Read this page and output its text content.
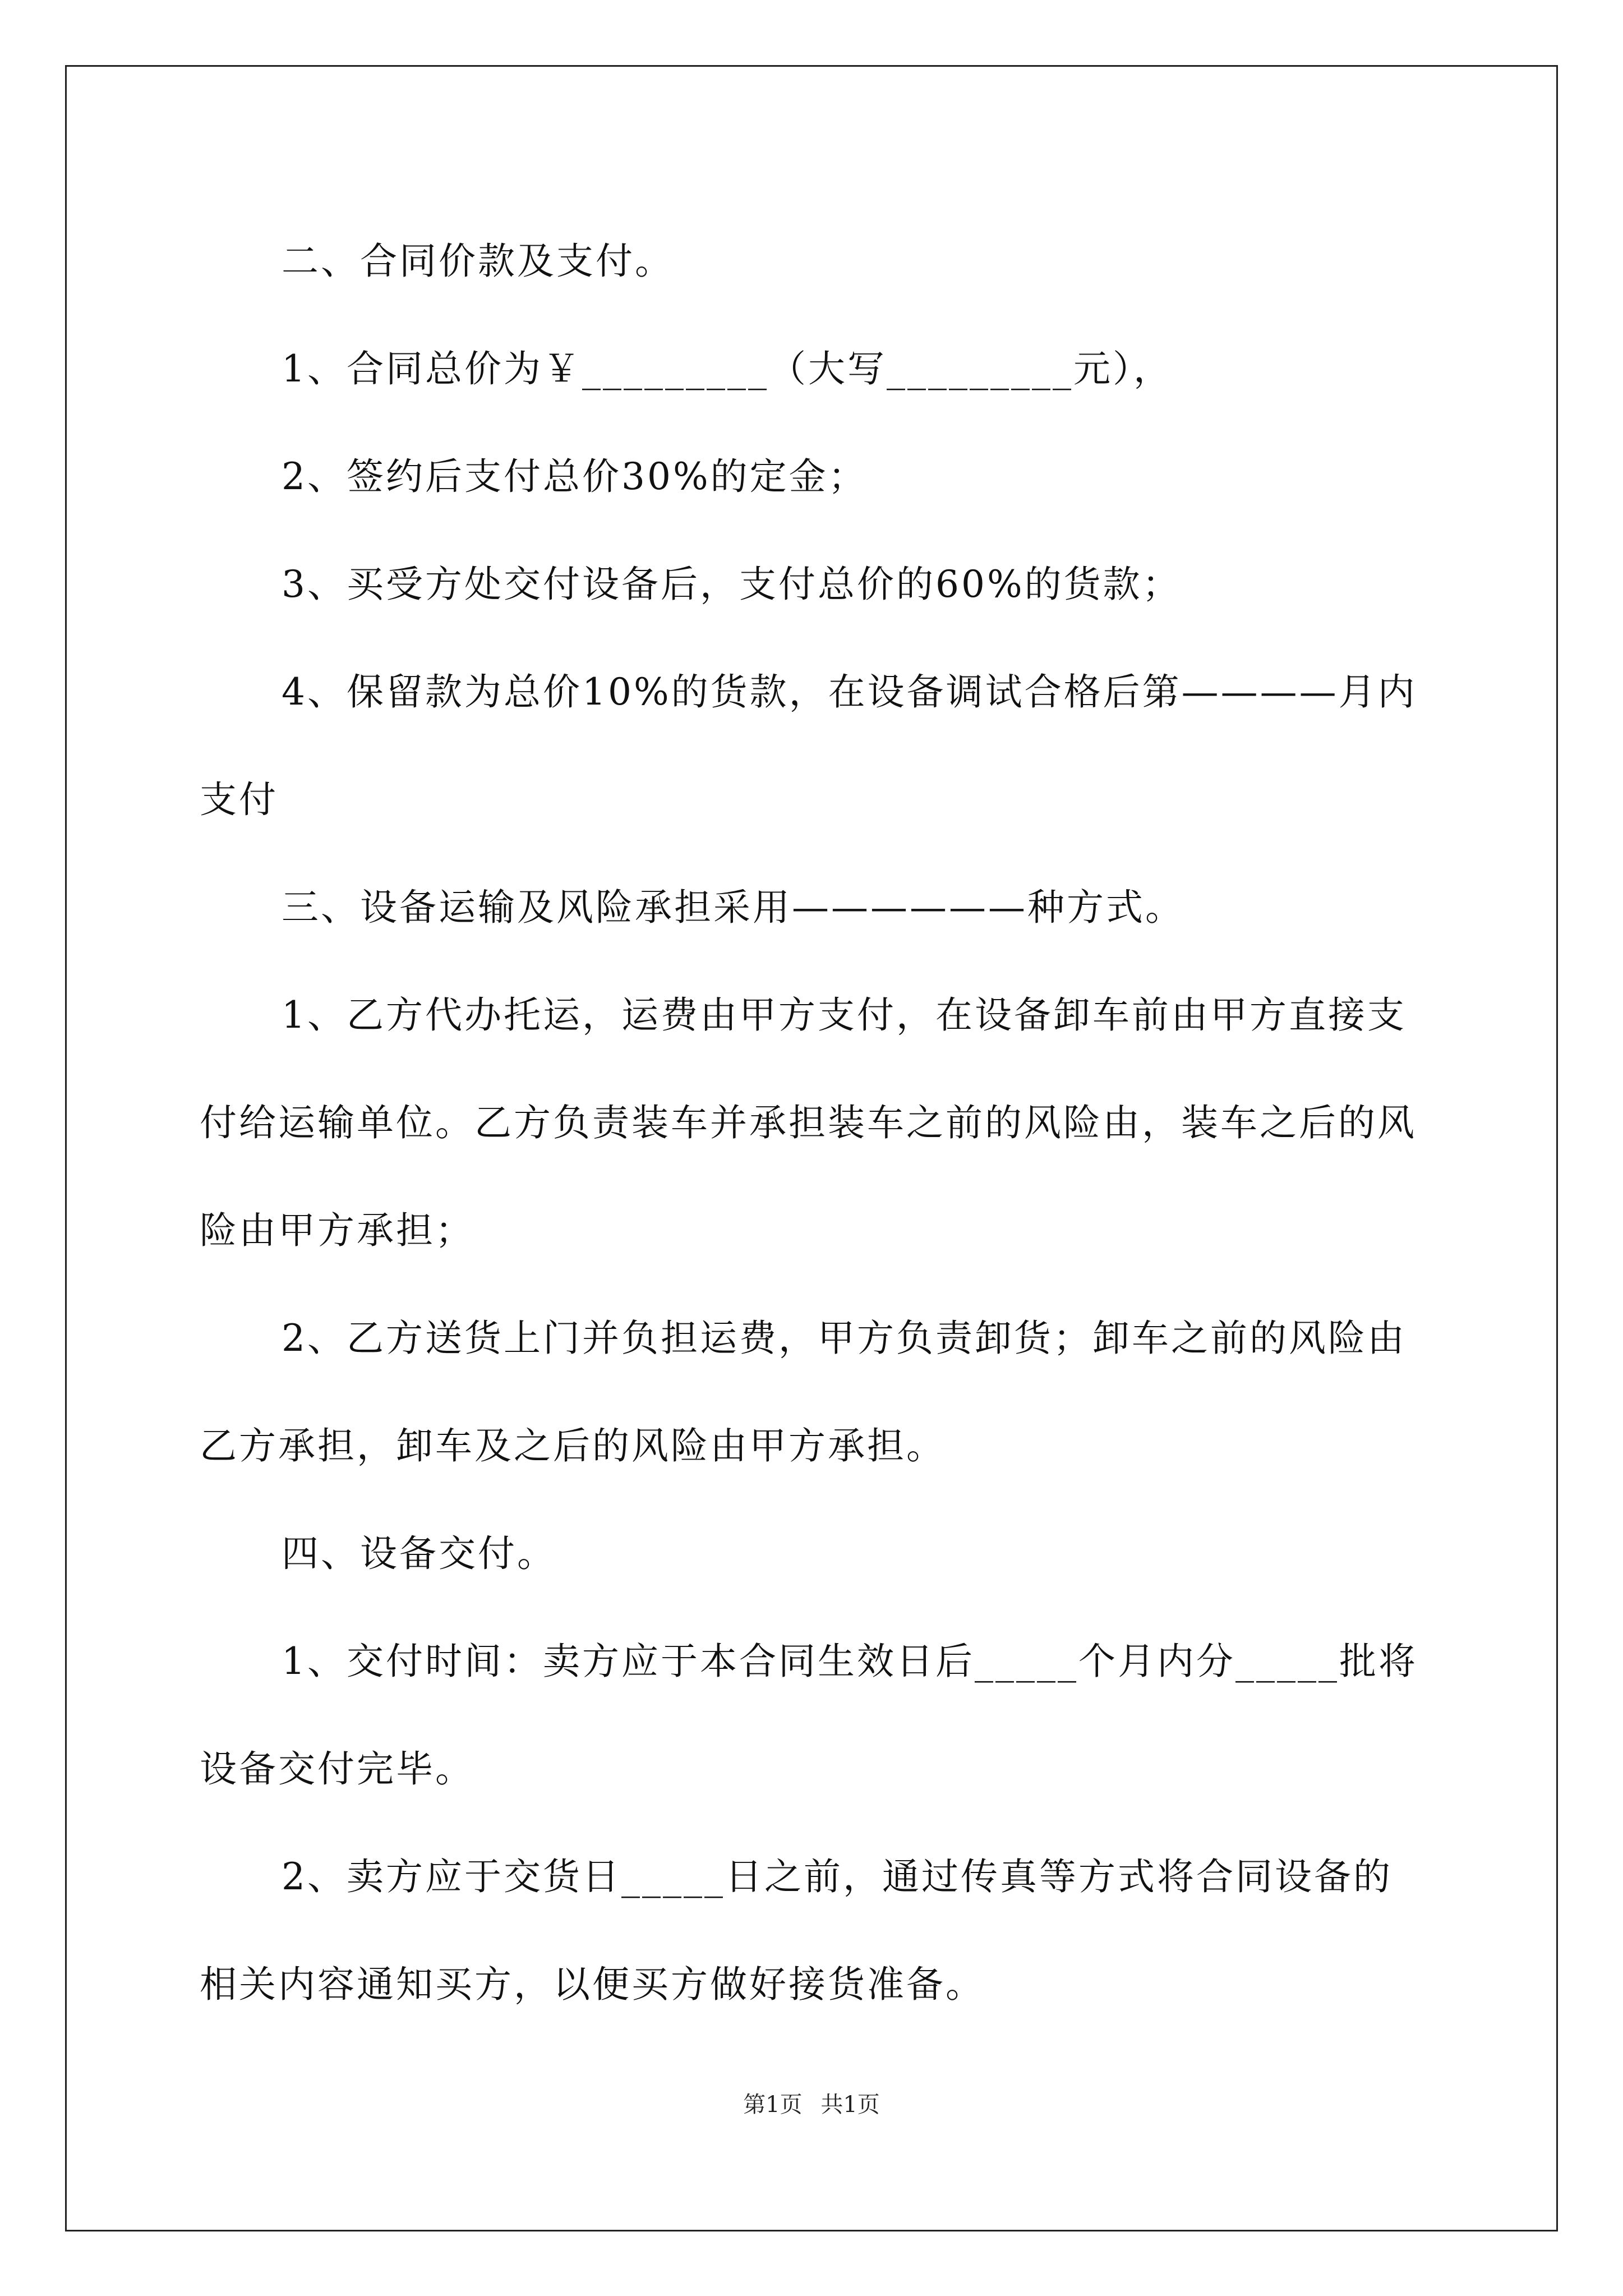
二、合同价款及支付。

1、合同总价为￥_________（大写_________元），

2、签约后支付总价30%的定金；

3、买受方处交付设备后，支付总价的60%的货款；

4、保留款为总价10%的货款，在设备调试合格后第————月内支付

三、设备运输及风险承担采用——————种方式。

1、乙方代办托运，运费由甲方支付，在设备卸车前由甲方直接支付给运输单位。乙方负责装车并承担装车之前的风险由，装车之后的风险由甲方承担；

2、乙方送货上门并负担运费，甲方负责卸货；卸车之前的风险由乙方承担，卸车及之后的风险由甲方承担。

四、设备交付。

1、交付时间：卖方应于本合同生效日后_____个月内分_____批将设备交付完毕。

2、卖方应于交货日_____日之前，通过传真等方式将合同设备的相关内容通知买方，以便买方做好接货准备。

第1页 共1页
